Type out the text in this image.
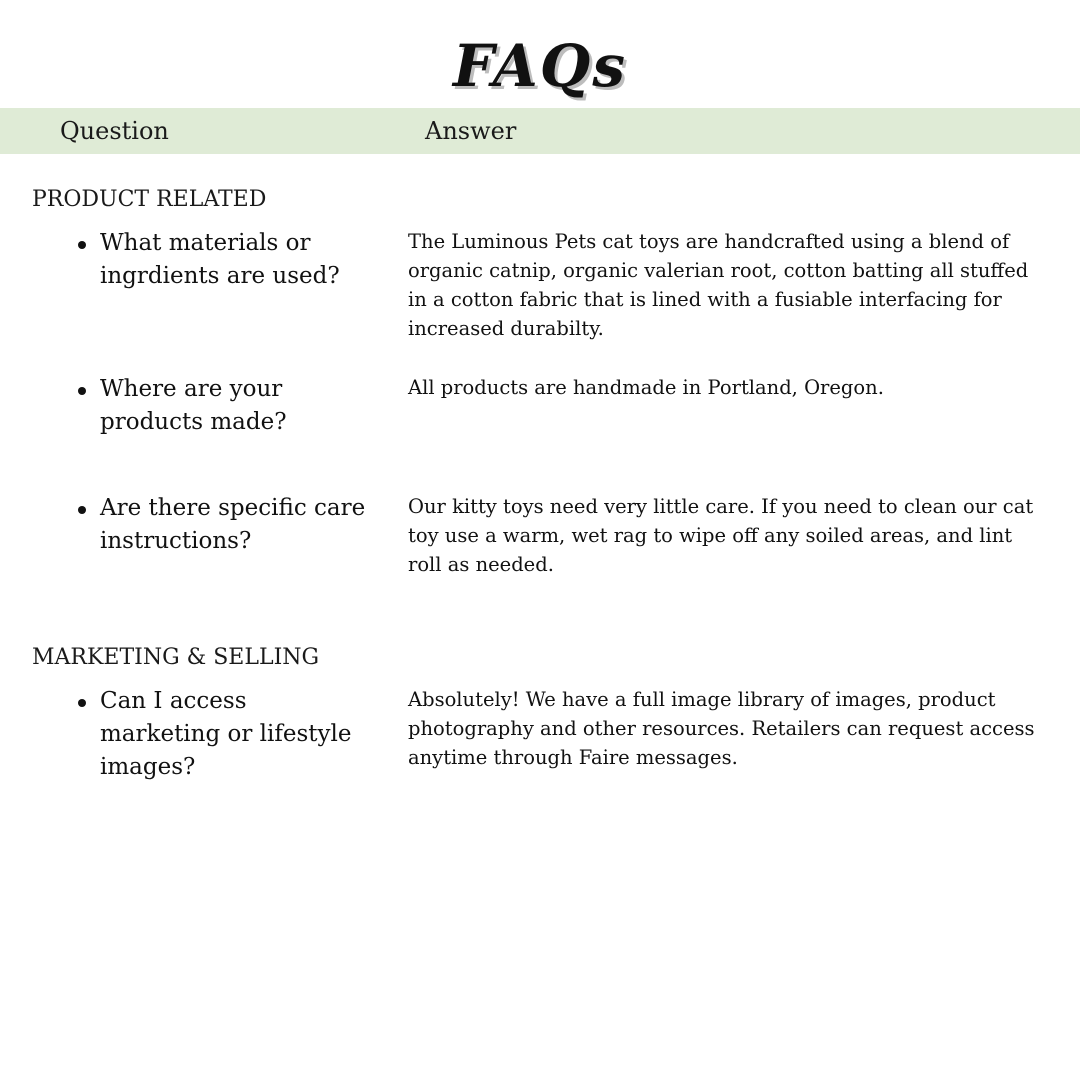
FAQs
Question	Answer
PRODUCT RELATED
What materials or ingrdients are used?
The Luminous Pets cat toys are handcrafted using a blend of organic catnip, organic valerian root, cotton batting all stuffed in a cotton fabric that is lined with a fusiable interfacing for increased durabilty.
Where are your products made?
All products are handmade in Portland, Oregon.
Are there specific care instructions?
Our kitty toys need very little care. If you need to clean our cat toy use a warm, wet rag to wipe off any soiled areas, and lint roll as needed.
MARKETING & SELLING
Can I access marketing or lifestyle images?
Absolutely! We have a full image library of images, product photography and other resources. Retailers can request access anytime through Faire messages.
